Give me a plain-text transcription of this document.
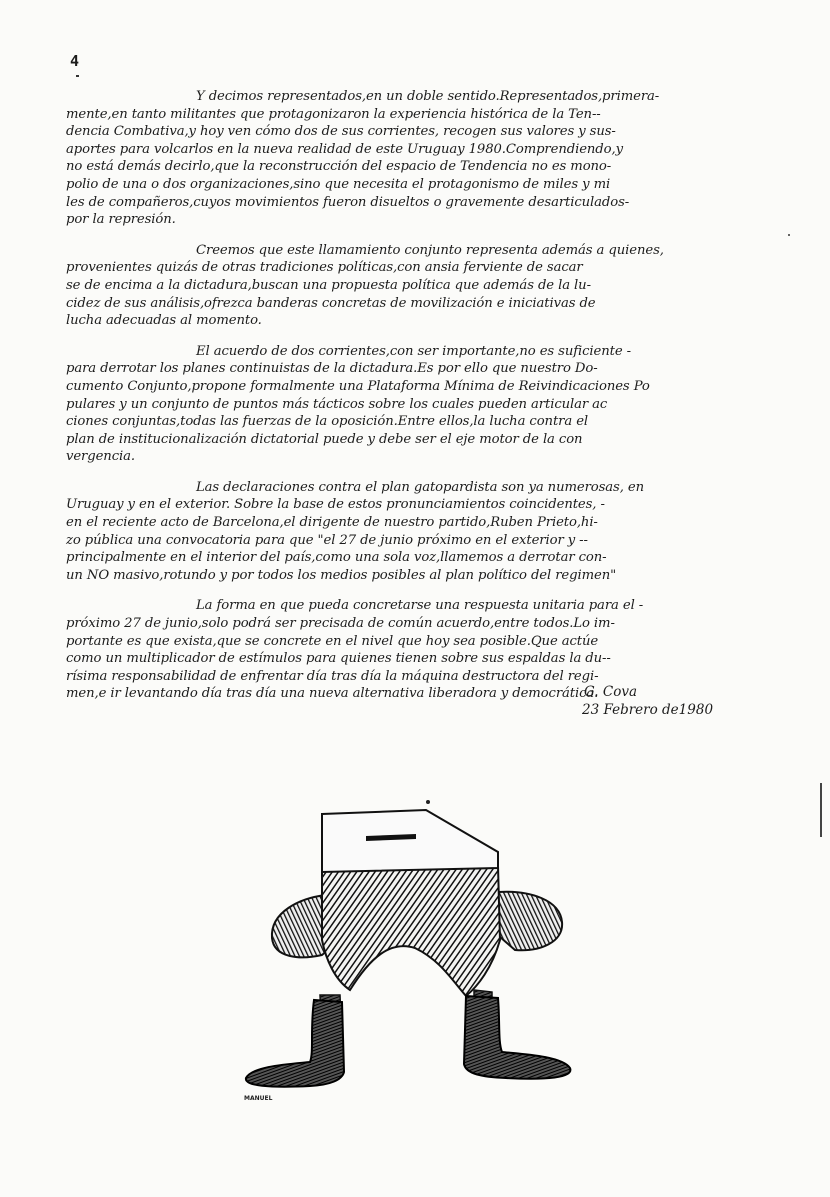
4
Y decimos representados,en un doble sentido.Representados,primera-
mente,en tanto militantes que protagonizaron la experiencia histórica de la Ten--
dencia Combativa,y hoy ven cómo dos de sus corrientes, recogen sus valores y sus-
aportes para volcarlos en la nueva realidad de este Uruguay 1980.Comprendiendo,y
no está demás decirlo,que la reconstrucción del espacio de Tendencia no es mono-
polio de una o dos organizaciones,sino que necesita el protagonismo de miles y mi
les de compañeros,cuyos movimientos fueron disueltos o gravemente desarticulados-
por la represión.
Creemos que este llamamiento conjunto representa además a quienes,
provenientes quizás de otras tradiciones políticas,con ansia ferviente de sacar
se de encima a la dictadura,buscan una propuesta política que además de la lu-
cidez de sus análisis,ofrezca banderas concretas de movilización e iniciativas de
lucha adecuadas al momento.
El acuerdo de dos corrientes,con ser importante,no es suficiente -
para derrotar los planes continuistas de la dictadura.Es por ello que nuestro Do-
cumento Conjunto,propone formalmente una Plataforma Mínima de Reivindicaciones Po
pulares y un conjunto de puntos más tácticos sobre los cuales pueden articular ac
ciones conjuntas,todas las fuerzas de la oposición.Entre ellos,la lucha contra el
plan de institucionalización dictatorial puede y debe ser el eje motor de la con
vergencia.
Las declaraciones contra el plan gatopardista son ya numerosas, en
Uruguay y en el exterior. Sobre la base de estos pronunciamientos coincidentes, -
en el reciente acto de Barcelona,el dirigente de nuestro partido,Ruben Prieto,hi-
zo pública una convocatoria para que "el 27 de junio próximo en el exterior y --
principalmente en el interior del país,como una sola voz,llamemos a derrotar con-
un NO masivo,rotundo y por todos los medios posibles al plan político del regimen"
La forma en que pueda concretarse una respuesta unitaria para el -
próximo 27 de junio,solo podrá ser precisada de común acuerdo,entre todos.Lo im-
portante es que exista,que se concrete en el nivel que hoy sea posible.Que actúe
como un multiplicador de estímulos para quienes tienen sobre sus espaldas la du--
rísima responsabilidad de enfrentar día tras día la máquina destructora del regi-
men,e ir levantando día tras día una nueva alternativa liberadora y democrática.
G. Cova
23 Febrero de1980
MANUEL
